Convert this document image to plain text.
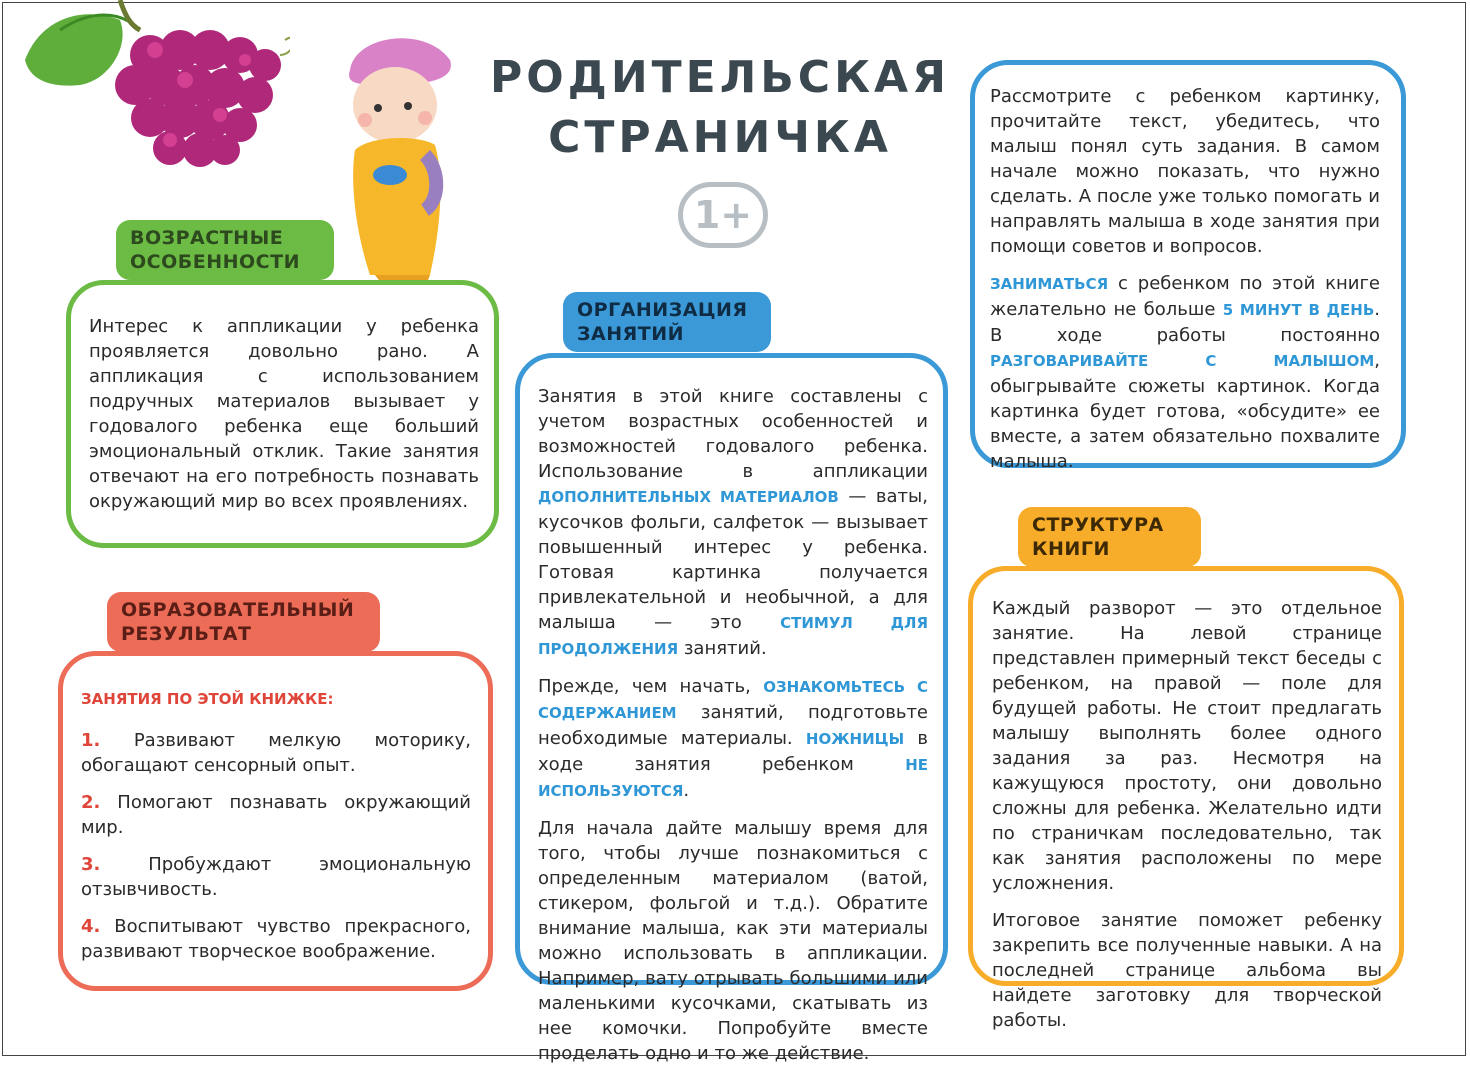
РОДИТЕЛЬСКАЯ
СТРАНИЧКА
1+
ВОЗРАСТНЫЕ
ОСОБЕННОСТИ

Интерес к аппликации у ребенка проявляется довольно рано. А аппликация с использованием подручных материалов вызывает у годовалого ребенка еще больший эмоциональный отклик. Такие занятия отвечают на его потребность познавать окружающий мир во всех проявлениях.

ОБРАЗОВАТЕЛЬНЫЙ
РЕЗУЛЬТАТ

ЗАНЯТИЯ ПО ЭТОЙ КНИЖКЕ:

1. Развивают мелкую моторику, обогащают сенсорный опыт.

2. Помогают познавать окружающий мир.

3.	Пробуждают эмоциональную отзывчивость.

4. Воспитывают чувство прекрасного, развивают творческое воображение.

ОРГАНИЗАЦИЯ
ЗАНЯТИЙ

Занятия в этой книге составлены с учетом возрастных особенностей и возможностей годовалого ребенка. Использование в аппликации ДОПОЛНИТЕЛЬНЫХ МАТЕРИАЛОВ — ваты, кусочков фольги, салфеток — вызывает повышенный интерес у ребенка. Готовая картинка получается привлекательной и необычной, а для малыша — это СТИМУЛ ДЛЯ ПРОДОЛЖЕНИЯ занятий.

Прежде, чем начать, ОЗНАКОМЬТЕСЬ С СОДЕРЖАНИЕМ занятий, подготовьте необходимые материалы. НОЖНИЦЫ в ходе занятия ребенком НЕ ИСПОЛЬЗУЮТСЯ.

Для начала дайте малышу время для того, чтобы лучше познакомиться с определенным материалом (ватой, стикером, фольгой и т.д.). Обратите внимание малыша, как эти материалы можно использовать в аппликации. Например, вату отрывать большими или маленькими кусочками, скатывать из нее комочки. Попробуйте вместе проделать одно и то же действие.

Рассмотрите с ребенком картинку, прочитайте текст, убедитесь, что малыш понял суть задания. В самом начале можно показать, что нужно сделать. А после уже только помогать и направлять малыша в ходе занятия при помощи советов и вопросов.

ЗАНИМАТЬСЯ с ребенком по этой книге желательно не больше 5 МИНУТ В ДЕНЬ. В ходе работы постоянно РАЗГОВАРИВАЙТЕ С МАЛЫШОМ, обыгрывайте сюжеты картинок. Когда картинка будет готова, «обсудите» ее вместе, а затем обязательно похвалите малыша.

СТРУКТУРА
КНИГИ

Каждый разворот — это отдельное занятие. На левой странице представлен примерный текст беседы с ребенком, на правой — поле для будущей работы. Не стоит предлагать малышу выполнять более одного задания за раз. Несмотря на кажущуюся простоту, они довольно сложны для ребенка. Желательно идти по страничкам последовательно, так как занятия расположены по мере усложнения.

Итоговое занятие поможет ребенку закрепить все полученные навыки. А на последней странице альбома вы найдете заготовку для творческой работы.
